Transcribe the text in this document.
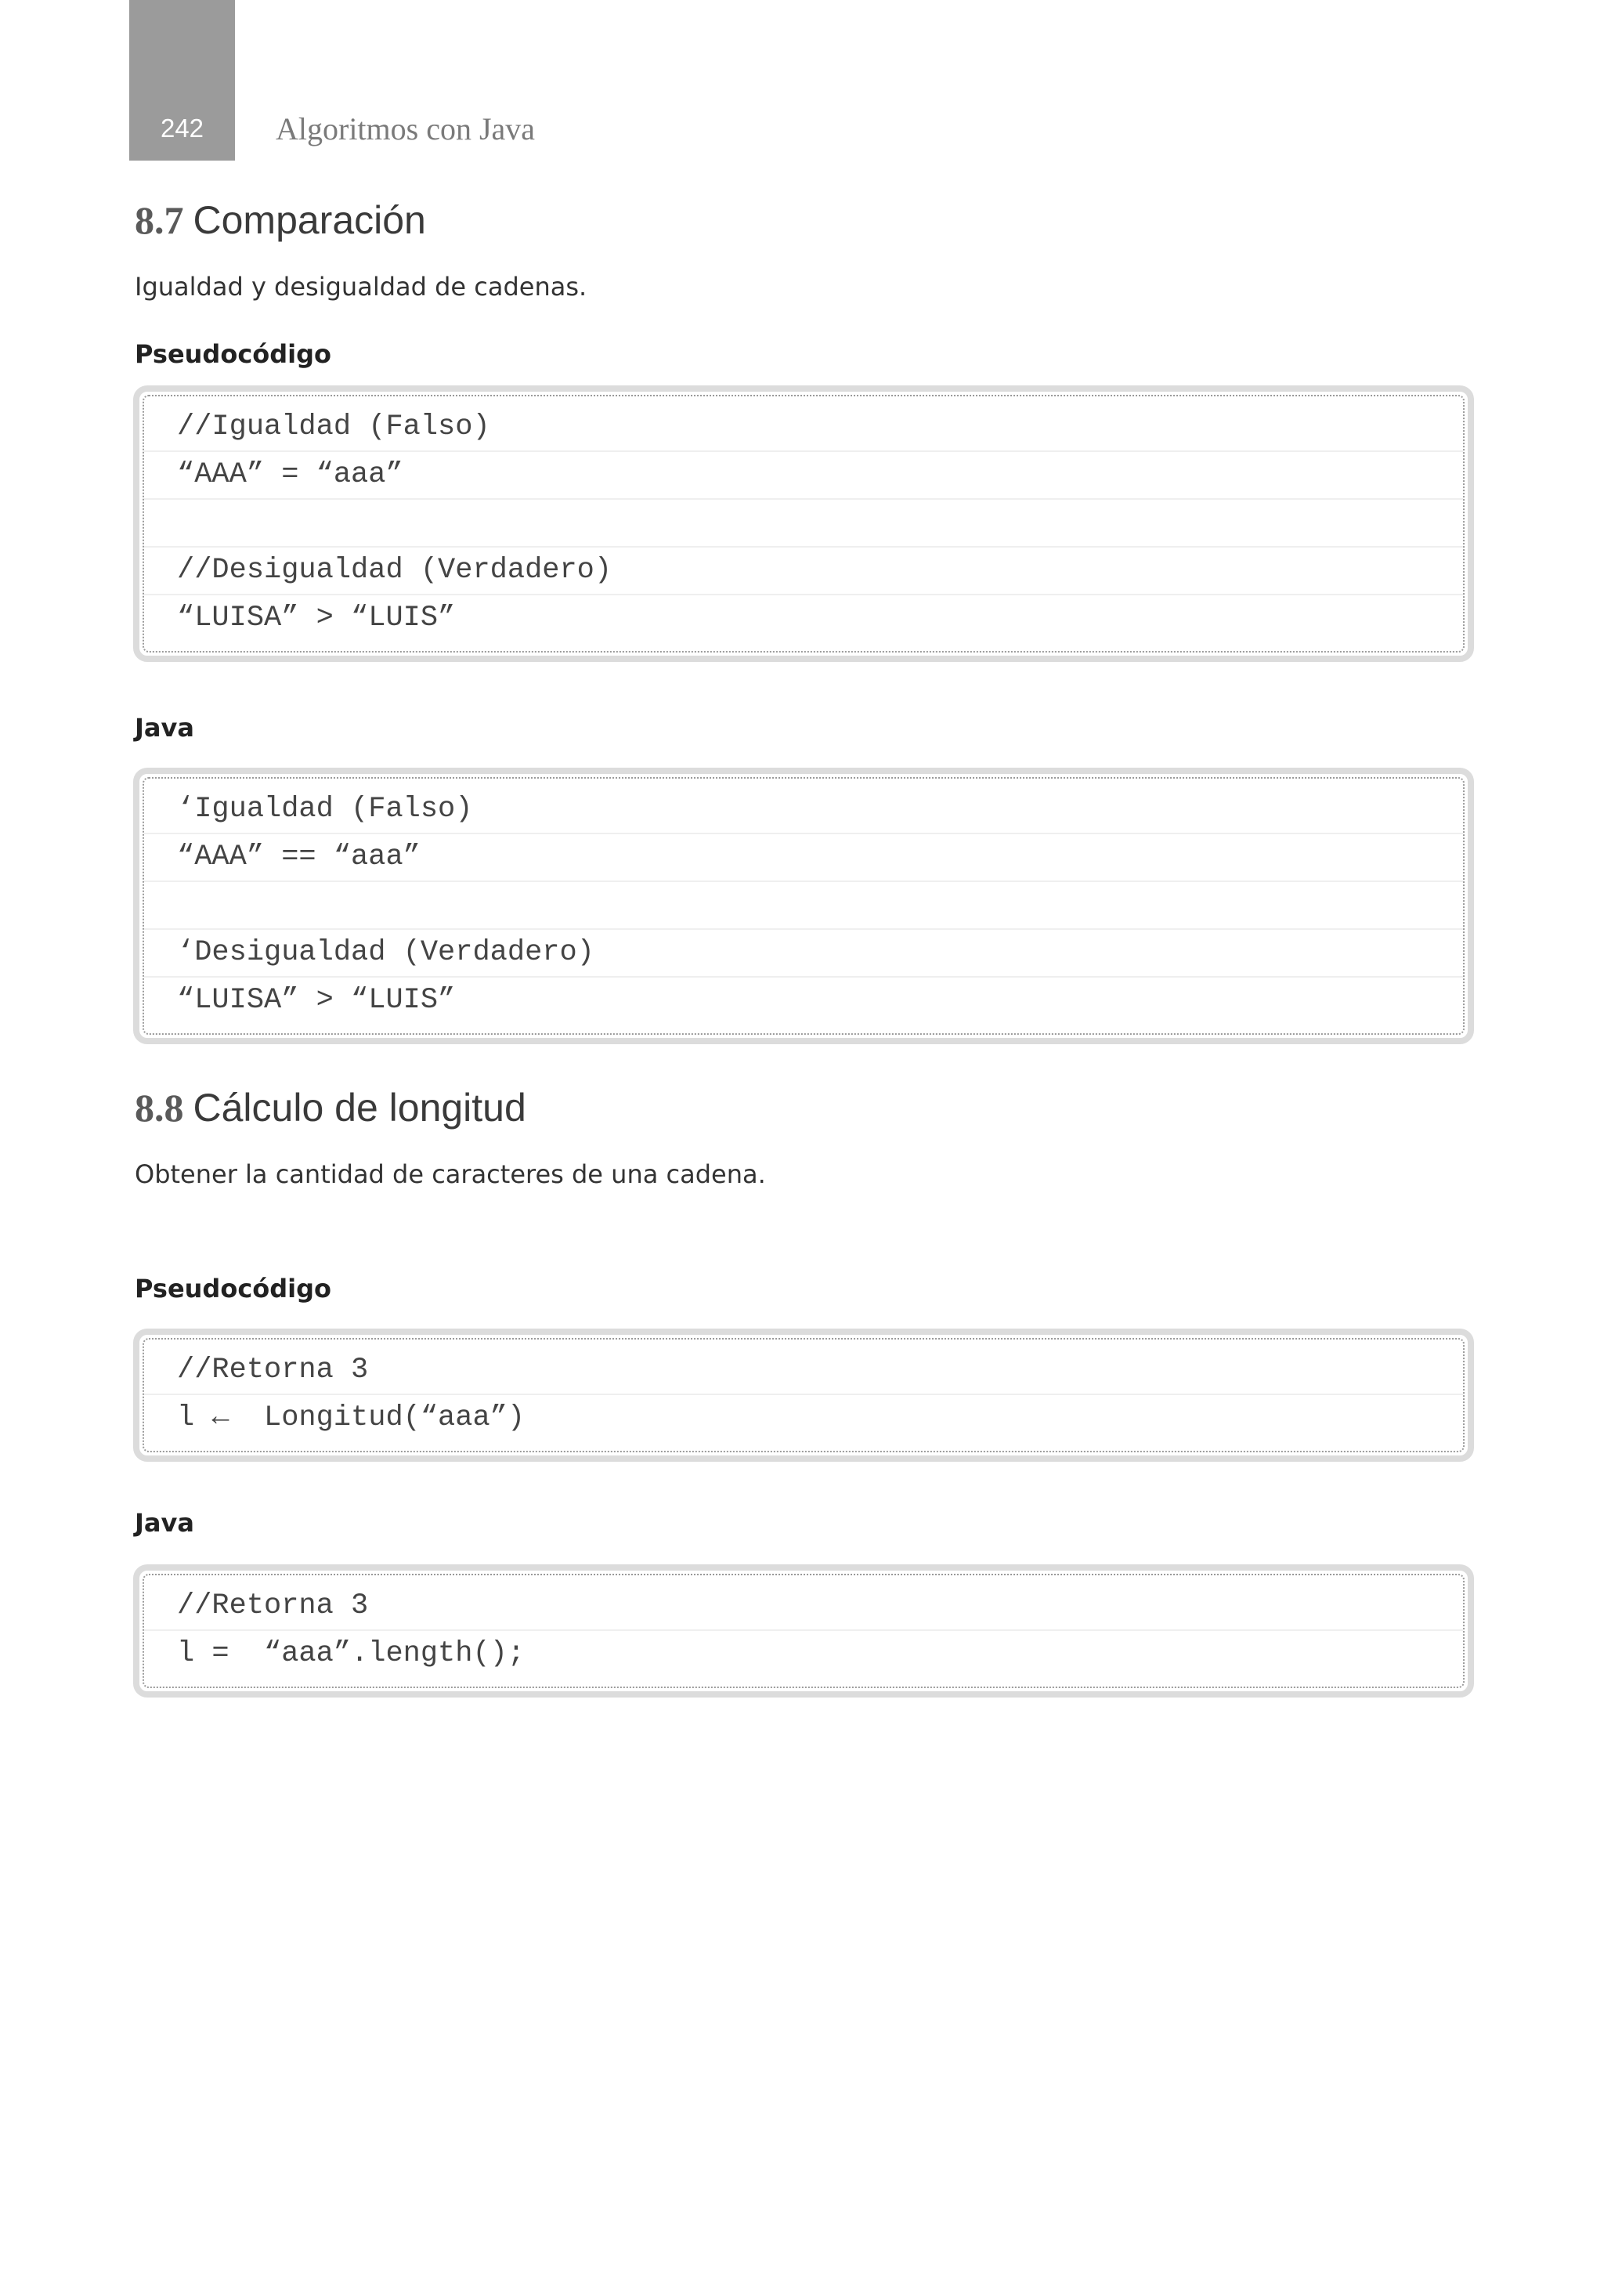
242	Algoritmos con Java
8.7 Comparación
Igualdad y desigualdad de cadenas.
Pseudocódigo
//Igualdad (Falso)
“AAA” = “aaa”
//Desigualdad (Verdadero)
“LUISA” > “LUIS”
Java
‘Igualdad (Falso)
“AAA” == “aaa”
‘Desigualdad (Verdadero)
“LUISA” > “LUIS”
8.8 Cálculo de longitud
Obtener la cantidad de caracteres de una cadena.
Pseudocódigo
//Retorna 3
l ←  Longitud(“aaa”)
Java
//Retorna 3
l =  “aaa”.length();
